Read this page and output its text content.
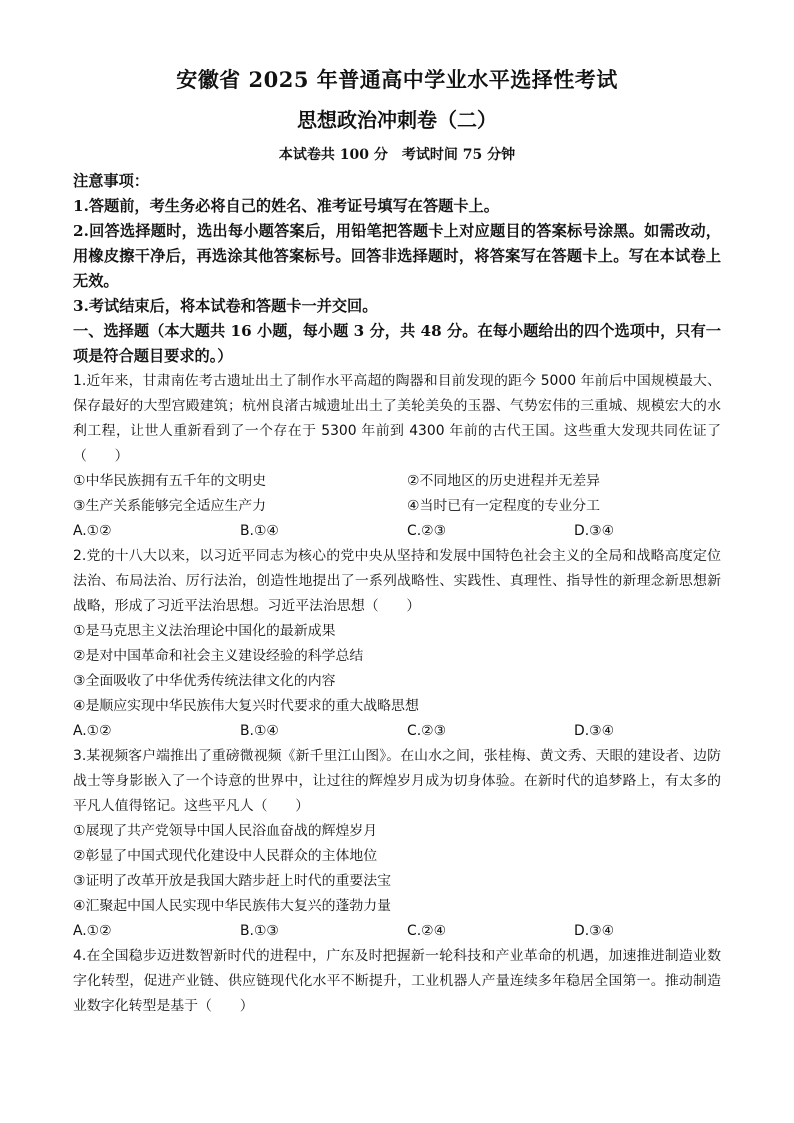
安徽省 2025 年普通高中学业水平选择性考试
思想政治冲刺卷（二）
本试卷共 100 分　考试时间 75 分钟

注意事项：

1.答题前，考生务必将自己的姓名、准考证号填写在答题卡上。

2.回答选择题时，选出每小题答案后，用铅笔把答题卡上对应题目的答案标号涂黑。如需改动，用橡皮擦干净后，再选涂其他答案标号。回答非选择题时，将答案写在答题卡上。写在本试卷上无效。

3.考试结束后，将本试卷和答题卡一并交回。

一、选择题（本大题共 16 小题，每小题 3 分，共 48 分。在每小题给出的四个选项中，只有一项是符合题目要求的。）

1.近年来，甘肃南佐考古遗址出土了制作水平高超的陶器和目前发现的距今 5000 年前后中国规模最大、保存最好的大型宫殿建筑；杭州良渚古城遗址出土了美轮美奂的玉器、气势宏伟的三重城、规模宏大的水利工程，让世人重新看到了一个存在于 5300 年前到 4300 年前的古代王国。这些重大发现共同佐证了（　　）

①中华民族拥有五千年的文明史	②不同地区的历史进程并无差异

③生产关系能够完全适应生产力	④当时已有一定程度的专业分工

A.①②	B.①④	C.②③	D.③④

2.党的十八大以来，以习近平同志为核心的党中央从坚持和发展中国特色社会主义的全局和战略高度定位法治、布局法治、厉行法治，创造性地提出了一系列战略性、实践性、真理性、指导性的新理念新思想新战略，形成了习近平法治思想。习近平法治思想（　　）

①是马克思主义法治理论中国化的最新成果

②是对中国革命和社会主义建设经验的科学总结

③全面吸收了中华优秀传统法律文化的内容

④是顺应实现中华民族伟大复兴时代要求的重大战略思想

A.①②	B.①④	C.②③	D.③④

3.某视频客户端推出了重磅微视频《新千里江山图》。在山水之间，张桂梅、黄文秀、天眼的建设者、边防战士等身影嵌入了一个诗意的世界中，让过往的辉煌岁月成为切身体验。在新时代的追梦路上，有太多的平凡人值得铭记。这些平凡人（　　）

①展现了共产党领导中国人民浴血奋战的辉煌岁月

②彰显了中国式现代化建设中人民群众的主体地位

③证明了改革开放是我国大踏步赶上时代的重要法宝

④汇聚起中国人民实现中华民族伟大复兴的蓬勃力量

A.①②	B.①③	C.②④	D.③④

4.在全国稳步迈进数智新时代的进程中，广东及时把握新一轮科技和产业革命的机遇，加速推进制造业数字化转型，促进产业链、供应链现代化水平不断提升，工业机器人产量连续多年稳居全国第一。推动制造业数字化转型是基于（　　）
